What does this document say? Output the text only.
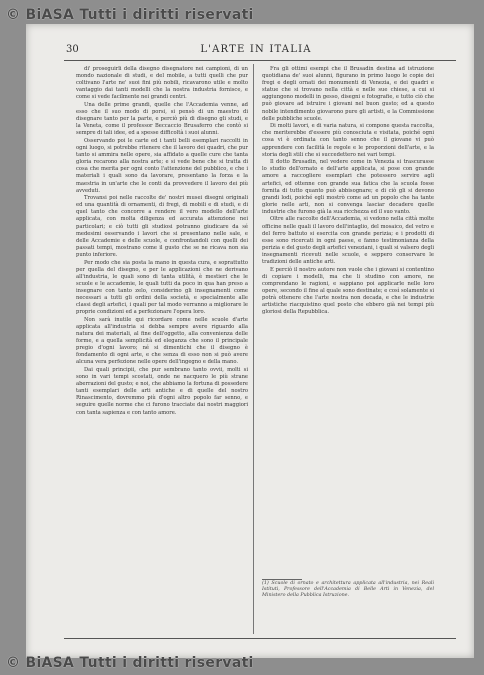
© BiASA Tutti i diritti riservati
30	L'ARTE IN ITALIA

di' proseguirli della disegno disegnatore nei campioni, di un mondo nazionale di studi, e del mobile, a tutti quelli che pur coltivano l'arte ne' suoi fini più nobili, ricavarono utile e molto vantaggio dai tanti modelli che la nostra industria fornisce, e come si vede facilmente nei grandi centri.

Una delle prime grandi, quelle che l'Accademia venne, ad esso che il suo modo di porsi, si pensò di un maestro di disegnare tanto per la parte, e perciò più di disegno gli studi, e la Veneta, come il professor Beccaccio Brusaferro che contò si sempre di tali idee, ed a spesse difficoltà i suoi alunni.

Osservando poi le carte ed i tanti belli esemplari raccolti in ogni luogo, si potrebbe ritenere che il lavoro dei quadri, che pur tanto si ammira nelle opere, sia affidato a quelle cure che tanta gloria recarono alla nostra arte; e si vede bene che si tratta di cosa che merita per ogni conto l'attenzione del pubblico, e che i materiali i quali sono da lavorare, presentano la forza e la maestria in un'arte che le conti da provvedere il lavoro dei più avveduti.

Trovansi poi nelle raccolte de' nostri musei disegni originali ed una quantità di ornamenti, di fregi, di mobili e di studi, e di quel tanto che concorre a rendere il vero modello dell'arte applicata, con molta diligenza ed accurata attenzione nei particolari; e ciò tutti gli studiosi potranno giudicare da sé medesimi osservando i lavori che si presentano nelle sale, e delle Accademie e delle scuole, e confrontandoli con quelli dei passati tempi, mostrano come il gusto che se ne ricava non sia punto inferiore.

Per modo che sia posta la mano in questa cura, e soprattutto per quella del disegno, e per le applicazioni che ne derivano all'industria, le quali sono di tanta utilità, è mestieri che le scuole e le accademie, le quali tutti da poco in qua han preso a insegnare con tanto zelo, considerino gli insegnamenti come necessari a tutti gli ordini della società, e specialmente alle classi degli artefici, i quali per tal modo verranno a migliorare le proprie condizioni ed a perfezionare l'opera loro.

Non sarà inutile qui ricordare come nelle scuole d'arte applicata all'industria si debba sempre avere riguardo alla natura dei materiali, al fine dell'oggetto, alla convenienza delle forme, e a quella semplicità ed eleganza che sono il principale pregio d'ogni lavoro; né si dimentichi che il disegno è fondamento di ogni arte, e che senza di esso non si può avere alcuna vera perfezione nelle opere dell'ingegno e della mano.

Dai quali principii, che pur sembrano tanto ovvii, molti si sono in vari tempi scostati, onde ne nacquero le più strane aberrazioni del gusto; e noi, che abbiamo la fortuna di possedere tanti esemplari delle arti antiche e di quelle del nostro Rinascimento, dovremmo più d'ogni altro popolo far senno, e seguire quelle norme che ci furono tracciate dai nostri maggiori con tanta sapienza e con tanto amore.

Fra gli ottimi esempi che il Brusadin destina ad istruzione quotidiana de' suoi alunni, figurano in primo luogo le copie dei fregi e degli ornati dei monumenti di Venezia, e dei quadri e statue che si trovano nella città e nelle sue chiese, a cui si aggiungono modelli in gesso, disegni e fotografie, e tutto ciò che può giovare ad istruire i giovani nel buon gusto; ed a questo nobile intendimento giovarono pure gli artisti, e la Commissione delle pubbliche scuole.

Di molti lavori, e di varia natura, si compone questa raccolta, che meriterebbe d'essere più conosciuta e visitata, poiché ogni cosa vi è ordinata con tanto senno che il giovane vi può apprendere con facilità le regole e le proporzioni dell'arte, e la storia degli stili che si succedettero nei vari tempi.

Il dotto Brusadin, nel vedere come in Venezia si trascurasse lo studio dell'ornato e dell'arte applicata, si pose con grande amore a raccogliere esemplari che potessero servire agli artefici, ed ottenne con grande sua fatica che la scuola fosse fornita di tutto quanto può abbisognare; e di ciò gli si devono grandi lodi, poiché egli mostrò come ad un popolo che ha tante glorie nelle arti, non si convenga lasciar decadere quelle industrie che furono già la sua ricchezza ed il suo vanto.

Oltre alle raccolte dell'Accademia, si vedono nella città molte officine nelle quali il lavoro dell'intaglio, del mosaico, del vetro e del ferro battuto si esercita con grande perizia; e i prodotti di esse sono ricercati in ogni paese, e fanno testimonianza della perizia e del gusto degli artefici veneziani, i quali si valsero degli insegnamenti ricevuti nelle scuole, e seppero conservare le tradizioni delle antiche arti.

E perciò il nostro autore non vuole che i giovani si contentino di copiare i modelli, ma che li studino con amore, ne comprendano le ragioni, e sappiano poi applicarle nelle loro opere, secondo il fine al quale sono destinate; e così solamente si potrà ottenere che l'arte nostra non decada, e che le industrie artistiche riacquistino quel posto che ebbero già nei tempi più gloriosi della Repubblica.

(1) Scuole di ornato e architettura applicata all'industria, nei Reali Istituti, Professore dell'Accademia di Belle Arti in Venezia, del Ministero della Pubblica Istruzione.
© BiASA Tutti i diritti riservati
